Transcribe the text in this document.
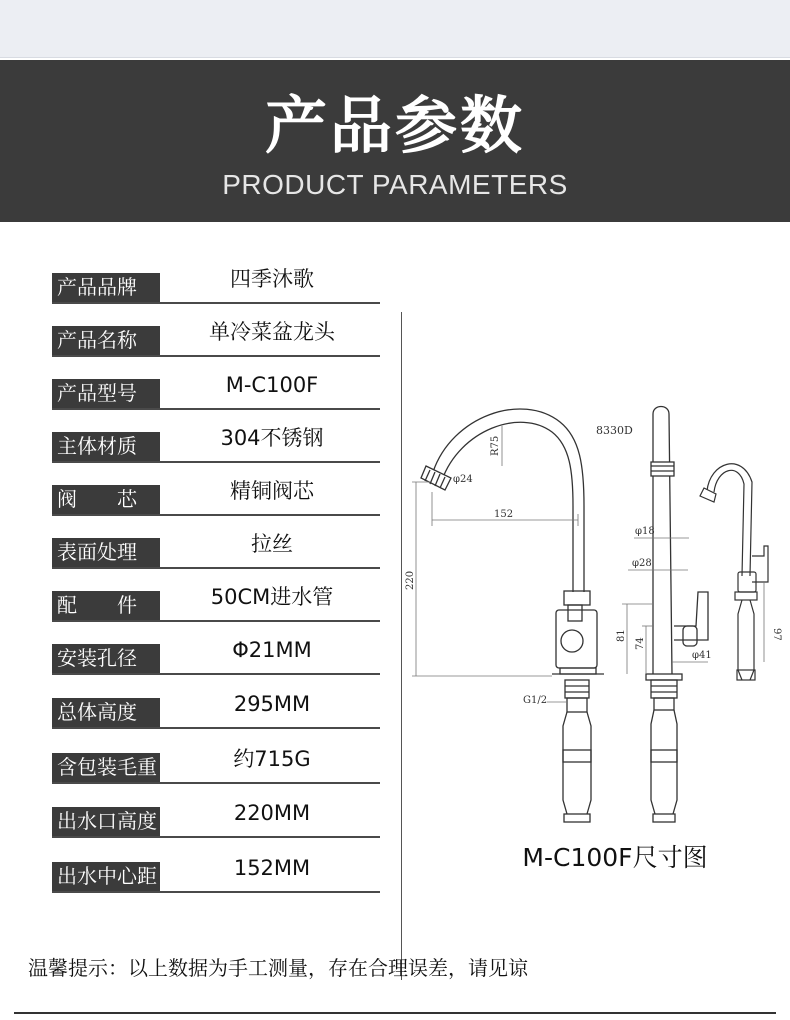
产品参数
PRODUCT PARAMETERS
产品品牌	四季沐歌
产品名称	单冷菜盆龙头
产品型号	M-C100F
主体材质	304不锈钢
阀  芯	精铜阀芯
表面处理	拉丝
配  件	50CM进水管
安装孔径	Φ21MM
总体高度	295MM
含包装毛重	约715G
出水口高度	220MM
出水中心距	152MM
8330D
φ24
R75
152
220
G1/2
φ18
φ28
81
74
φ41
97
M-C100F尺寸图
温馨提示：以上数据为手工测量，存在合理误差，请见谅
